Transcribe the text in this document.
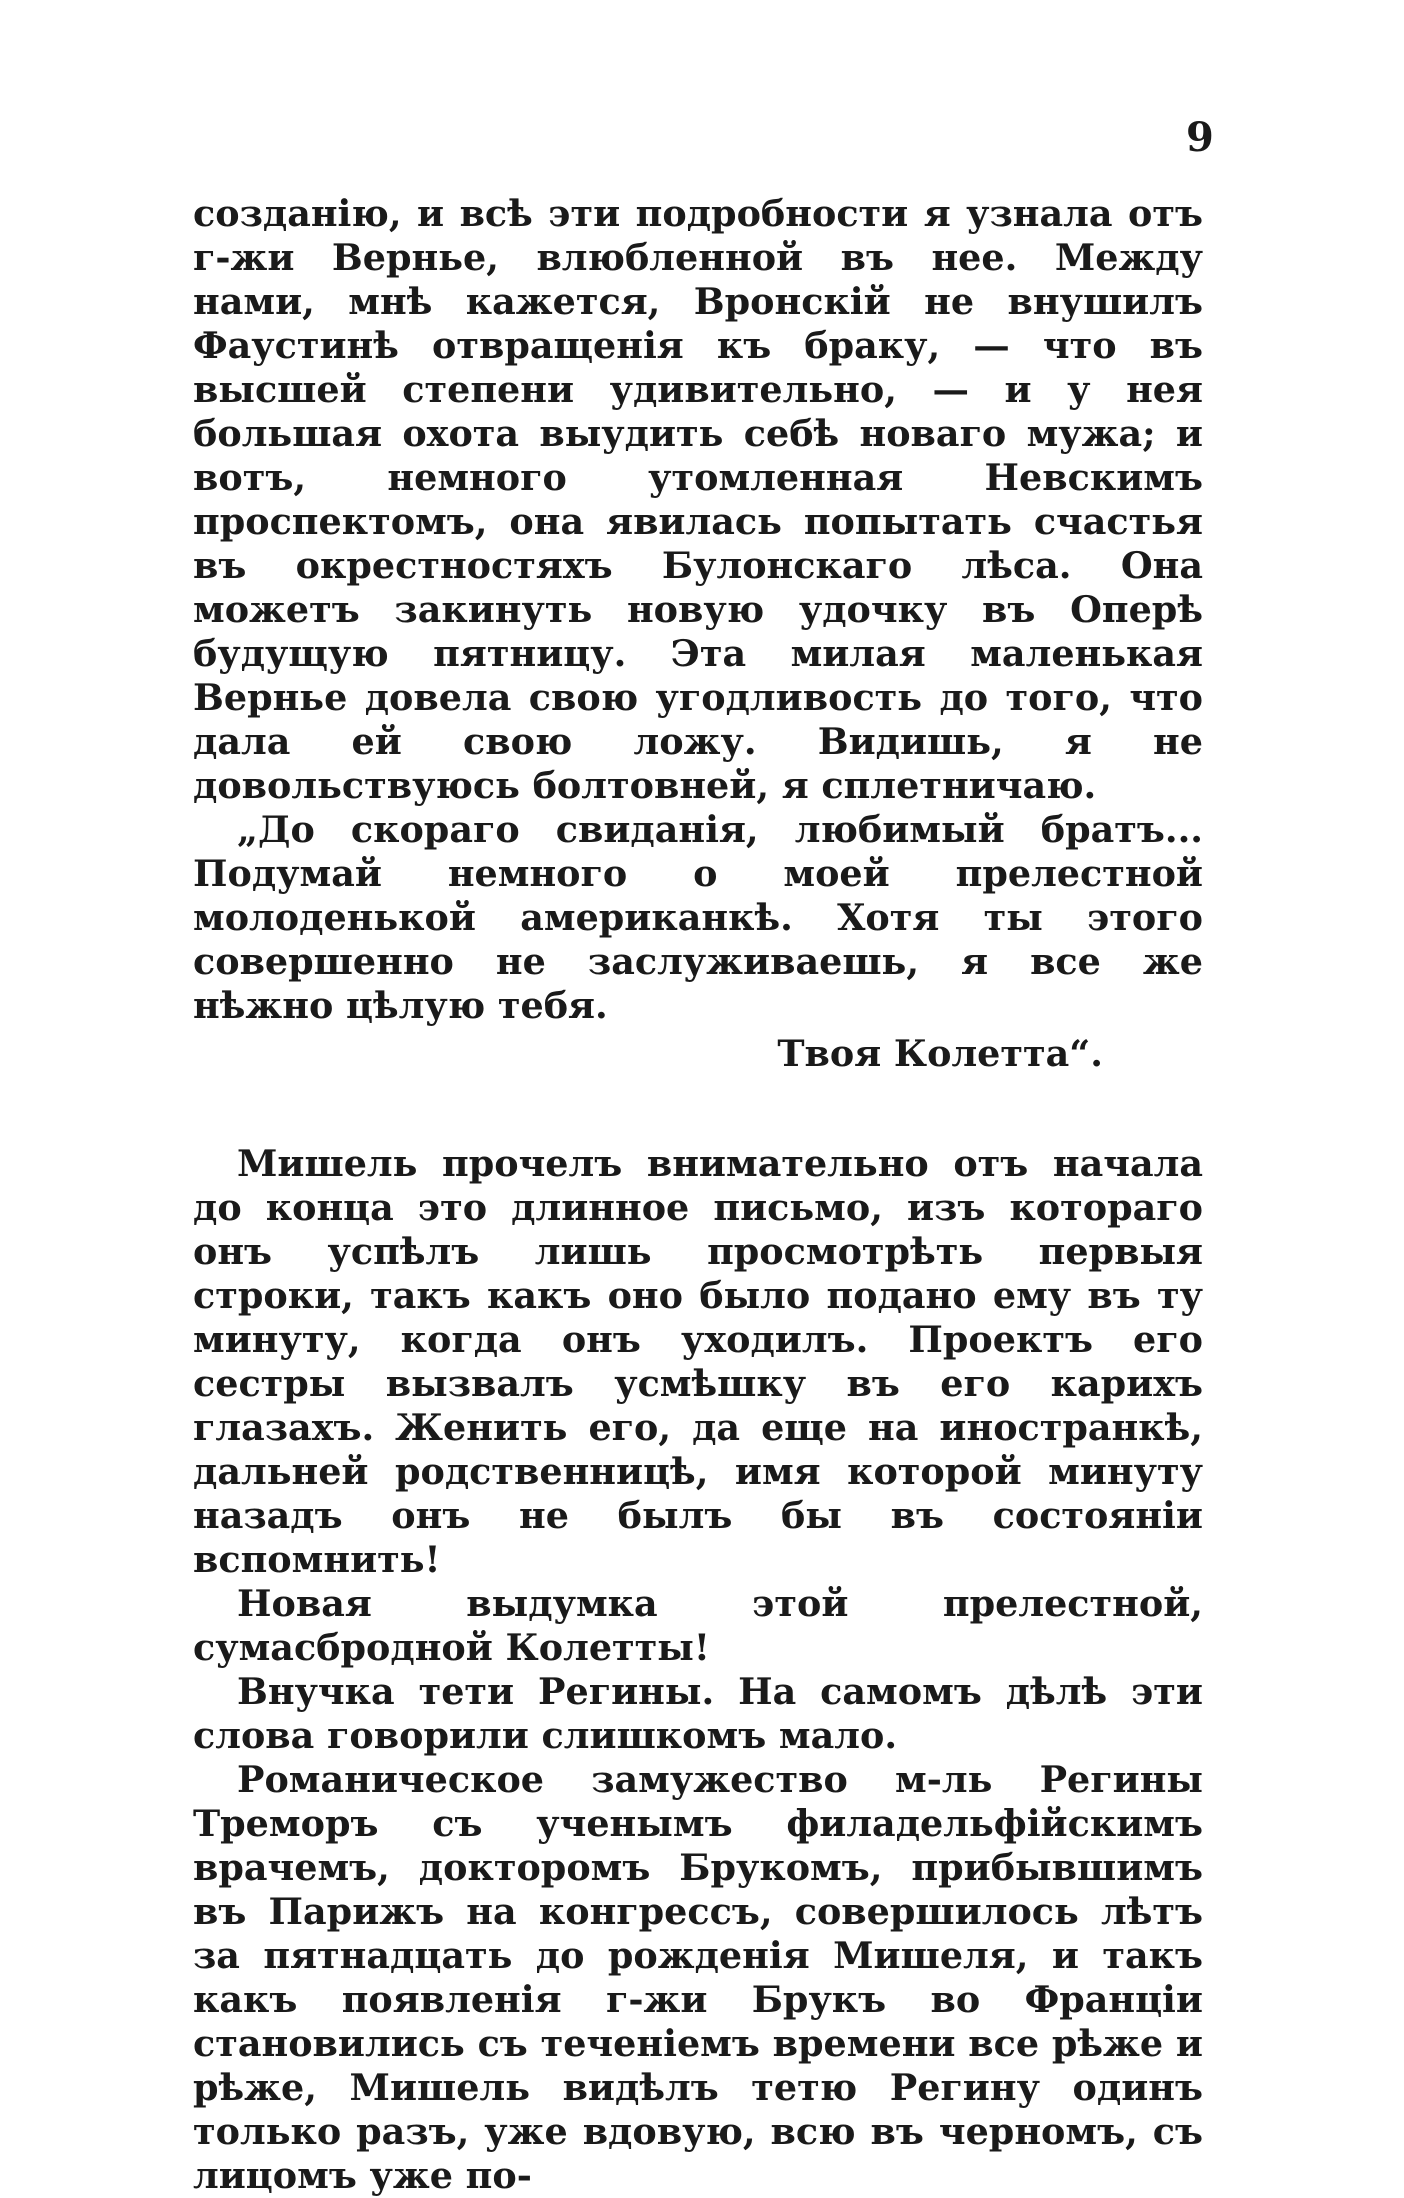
9

созданію, и всѣ эти подробности я узнала отъ г-жи Вернье, влюбленной въ нее. Между нами, мнѣ кажется, Вронскій не внушилъ Фаустинѣ отвращенія къ браку, — что въ высшей степени удивительно, — и у нея большая охота выудить себѣ новаго мужа; и вотъ, немного утомленная Невскимъ проспектомъ, она явилась попытать счастья въ окрестностяхъ Булонскаго лѣса. Она можетъ закинуть новую удочку въ Оперѣ будущую пятницу. Эта милая маленькая Вернье довела свою угодливость до того, что дала ей свою ложу. Видишь, я не довольствуюсь болтовней, я сплетничаю.

„До скораго свиданія, любимый братъ... Подумай немного о моей прелестной молоденькой американкѣ. Хотя ты этого совершенно не заслуживаешь, я все же нѣжно цѣлую тебя.

Твоя Колетта“.

Мишель прочелъ внимательно отъ начала до конца это длинное письмо, изъ котораго онъ успѣлъ лишь просмотрѣть первыя строки, такъ какъ оно было подано ему въ ту минуту, когда онъ уходилъ. Проектъ его сестры вызвалъ усмѣшку въ его карихъ глазахъ. Женить его, да еще на иностранкѣ, дальней родственницѣ, имя которой минуту назадъ онъ не былъ бы въ состояніи вспомнить!

Новая выдумка этой прелестной, сумасбродной Колетты!

Внучка тети Регины. На самомъ дѣлѣ эти слова говорили слишкомъ мало.

Романическое замужество м-ль Регины Треморъ съ ученымъ филадельфійскимъ врачемъ, докторомъ Брукомъ, прибывшимъ въ Парижъ на конгрессъ, совершилось лѣтъ за пятнадцать до рожденія Мишеля, и такъ какъ появленія г-жи Брукъ во Франціи становились съ теченіемъ времени все рѣже и рѣже, Мишель видѣлъ тетю Регину одинъ только разъ, уже вдовую, всю въ черномъ, съ лицомъ уже по-
